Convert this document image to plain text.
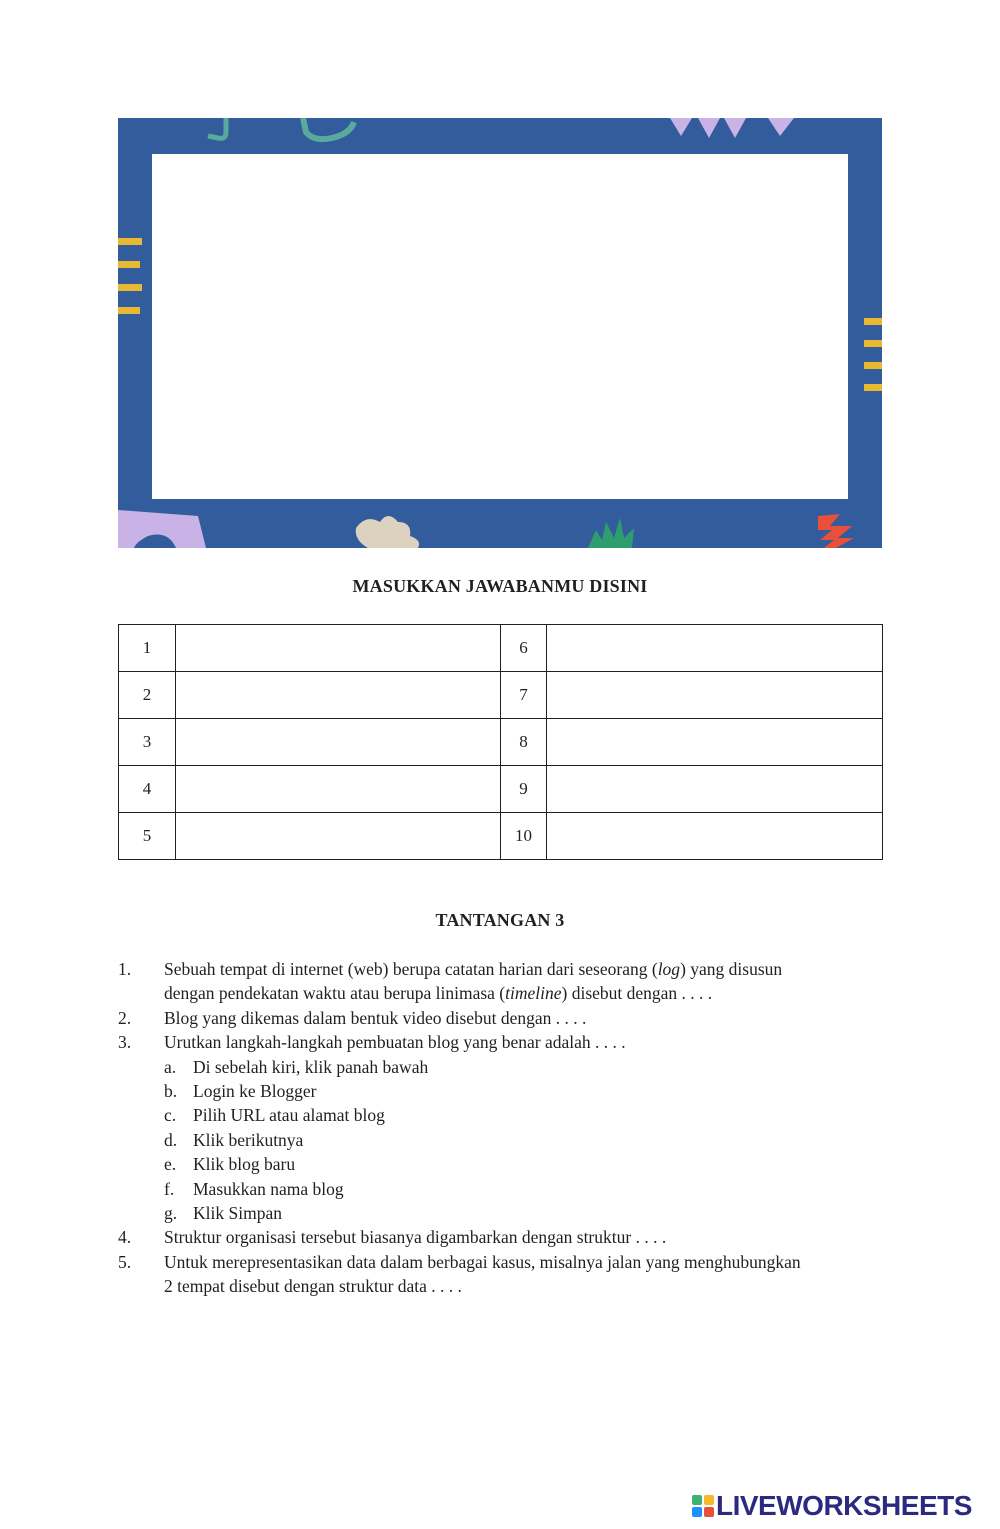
MASUKKAN JAWABANMU DISINI
1		6	

2		7	

3		8	

4		9	

5		10	
TANTANGAN 3
1. Sebuah tempat di internet (web) berupa catatan harian dari seseorang (log) yang disusun
dengan pendekatan waktu atau berupa linimasa (timeline) disebut dengan . . . .
2. Blog yang dikemas dalam bentuk video disebut dengan . . . .
3. Urutkan langkah-langkah pembuatan blog yang benar adalah . . . .
a. Di sebelah kiri, klik panah bawah
b. Login ke Blogger
c. Pilih URL atau alamat blog
d. Klik berikutnya
e. Klik blog baru
f. Masukkan nama blog
g. Klik Simpan
4. Struktur organisasi tersebut biasanya digambarkan dengan struktur . . . .
5. Untuk merepresentasikan data dalam berbagai kasus, misalnya jalan yang menghubungkan
2 tempat disebut dengan struktur data . . . .
LIVEWORKSHEETS
